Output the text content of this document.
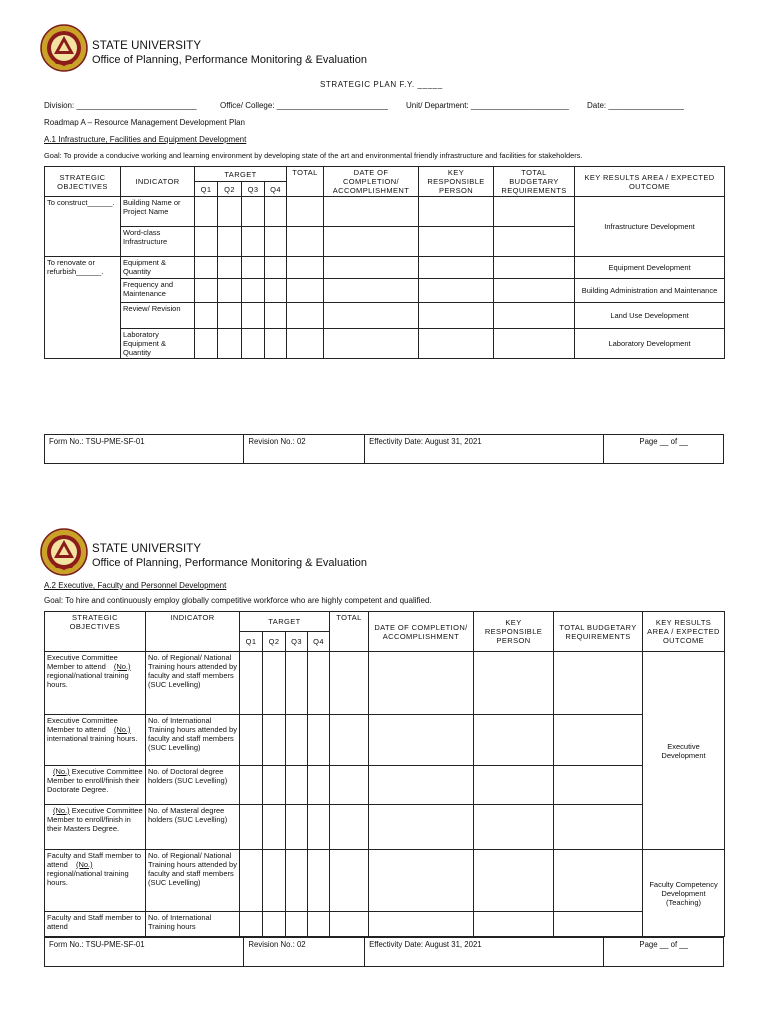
STATE UNIVERSITY
Office of Planning, Performance Monitoring & Evaluation
STRATEGIC PLAN F.Y. _____
Division: ___________________________	Office/ College: _________________________ Unit/ Department: ______________________ Date: _________________
Roadmap A – Resource Management Development Plan
A.1 Infrastructure, Facilities and Equipment Development
Goal: To provide a conducive working and learning environment by developing state of the art and environmental friendly infrastructure and facilities for stakeholders.
STRATEGIC OBJECTIVES	INDICATOR	TARGET				TOTAL	DATE OF COMPLETION/ ACCOMPLISHMENT	KEY RESPONSIBLE PERSON	TOTAL BUDGETARY REQUIREMENTS	KEY RESULTS AREA / EXPECTED OUTCOME
		Q1	Q2	Q3	Q4					
To construct______.	Building Name or Project Name									Infrastructure Development
	Word-class Infrastructure									
To renovate or refurbish______.	Equipment & Quantity									Equipment Development
	Frequency and Maintenance									Building Administration and Maintenance
	Review/ Revision									Land Use Development
	Laboratory Equipment & Quantity									Laboratory Development
Form No.: TSU-PME-SF-01	Revision No.: 02	Effectivity Date: August 31, 2021	Page __ of __
STATE UNIVERSITY
Office of Planning, Performance Monitoring & Evaluation
A.2 Executive, Faculty and Personnel Development
Goal: To hire and continuously employ globally competitive workforce who are highly competent and qualified.
STRATEGIC OBJECTIVES	INDICATOR	TARGET				TOTAL	DATE OF COMPLETION/ ACCOMPLISHMENT	KEY RESPONSIBLE PERSON	TOTAL BUDGETARY REQUIREMENTS	KEY RESULTS AREA / EXPECTED OUTCOME
		Q1	Q2	Q3	Q4					
Executive Committee Member to attend (No.) regional/national training hours.	No. of Regional/ National Training hours attended by faculty and staff members (SUC Levelling)									Executive Development
Executive Committee Member to attend (No.) international training hours.	No. of International Training hours attended by faculty and staff members (SUC Levelling)									
(No.) Executive Committee Member to enroll/finish their Doctorate Degree.	No. of Doctoral degree holders (SUC Levelling)									
(No.) Executive Committee Member to enroll/finish in their Masters Degree.	No. of Masteral degree holders (SUC Levelling)									
Faculty and Staff member to attend (No.) regional/national training hours.	No. of Regional/ National Training hours attended by faculty and staff members (SUC Levelling)									Faculty Competency Development (Teaching)
Faculty and Staff member to attend	No. of International Training hours									
Form No.: TSU-PME-SF-01	Revision No.: 02	Effectivity Date: August 31, 2021	Page __ of __
